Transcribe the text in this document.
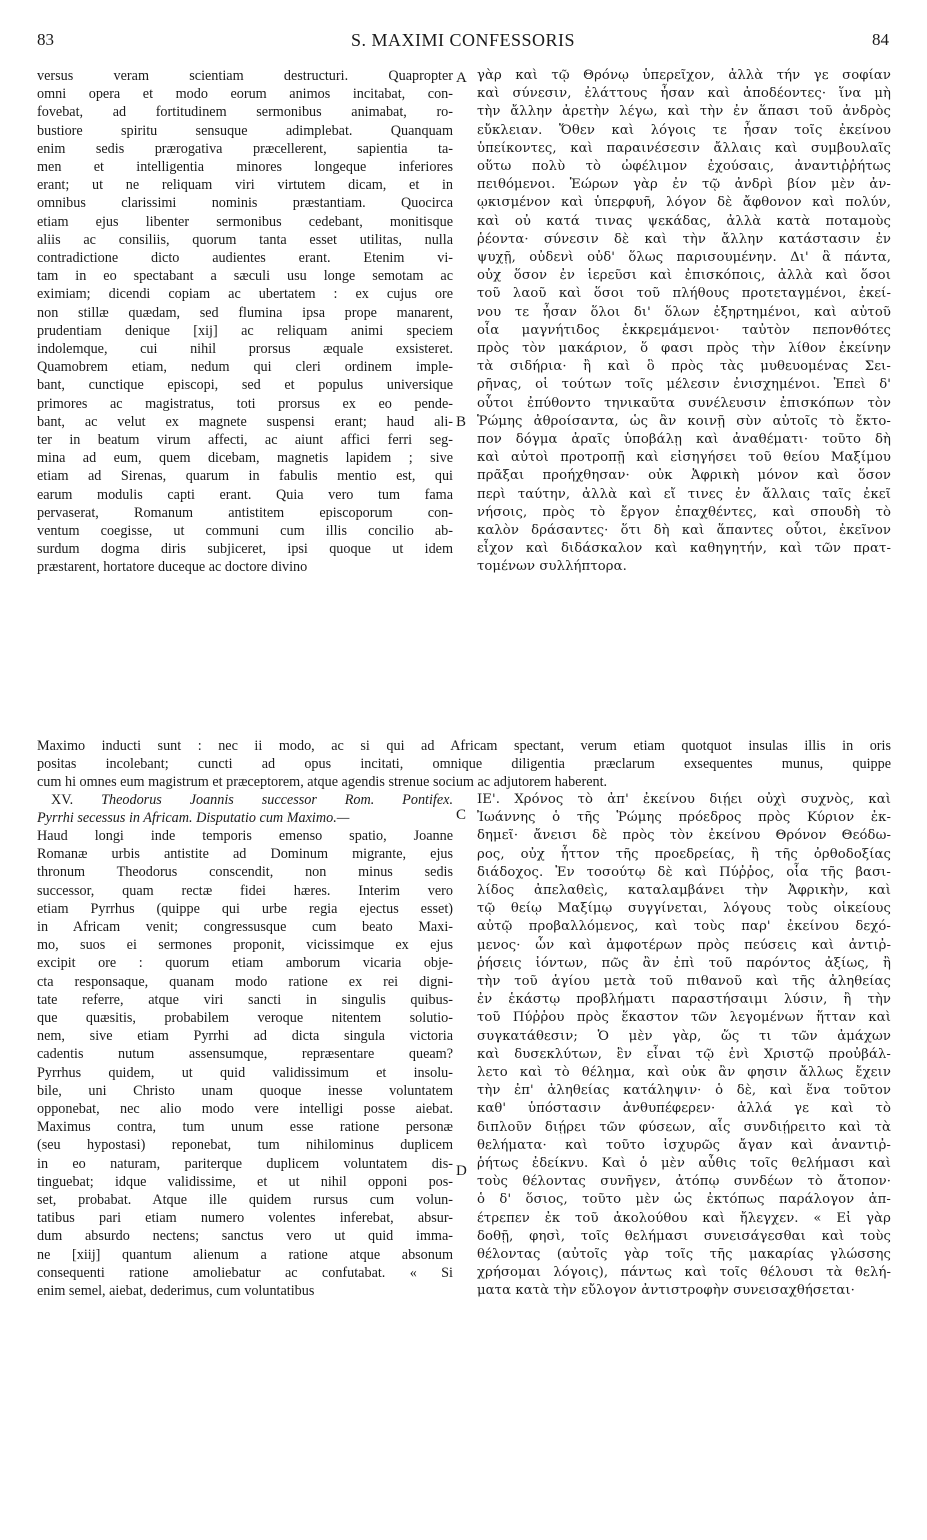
83	S. MAXIMI CONFESSORIS	84
A
B
C
D
versus veram scientiam destructuri. Quapropter
omni opera et modo eorum animos incitabat, con-
fovebat, ad fortitudinem sermonibus animabat, ro-
bustiore spiritu sensuque adimplebat. Quanquam
enim sedis prærogativa præcellerent, sapientia ta-
men et intelligentia minores longeque inferiores
erant; ut ne reliquam viri virtutem dicam, et in
omnibus clarissimi nominis præstantiam. Quocirca
etiam ejus libenter sermonibus cedebant, monitisque
aliis ac consiliis, quorum tanta esset utilitas, nulla
contradictione dicto audientes erant. Etenim vi-
tam in eo spectabant a sæculi usu longe semotam ac
eximiam; dicendi copiam ac ubertatem : ex cujus ore
non stillæ quædam, sed flumina ipsa prope manarent,
prudentiam denique [xij] ac reliquam animi speciem
indolemque, cui nihil prorsus æquale exsisteret.
Quamobrem etiam, nedum qui cleri ordinem imple-
bant, cunctique episcopi, sed et populus universique
primores ac magistratus, toti prorsus ex eo pende-
bant, ac velut ex magnete suspensi erant; haud ali-
ter in beatum virum affecti, ac aiunt affici ferri seg-
mina ad eum, quem dicebam, magnetis lapidem ; sive
etiam ad Sirenas, quarum in fabulis mentio est, qui
earum modulis capti erant. Quia vero tum fama
pervaserat, Romanum antistitem episcoporum con-
ventum coegisse, ut communi cum illis concilio ab-
surdum dogma diris subjiceret, ipsi quoque ut idem
præstarent, hortatore duceque ac doctore divino
γὰρ καὶ τῷ Θρόνῳ ὑπερεῖχον, ἀλλὰ τήν γε σοφίαν
καὶ σύνεσιν, ἐλάττους ἦσαν καὶ ἀποδέοντες· ἵνα μὴ
τὴν ἄλλην ἀρετὴν λέγω, καὶ τὴν ἐν ἅπασι τοῦ ἀνδρὸς
εὔκλειαν. Ὅθεν καὶ λόγοις τε ἦσαν τοῖς ἐκείνου
ὑπείκοντες, καὶ παραινέσεσιν ἄλλαις καὶ συμβουλαῖς
οὕτω πολὺ τὸ ὠφέλιμον ἐχούσαις, ἀναντιῤῥήτως
πειθόμενοι. Ἑώρων γὰρ ἐν τῷ ἀνδρὶ βίον μὲν ἀν-
ῳκισμένον καὶ ὑπερφυῆ, λόγον δὲ ἄφθονον καὶ πολύν,
καὶ οὐ κατά τινας ψεκάδας, ἀλλὰ κατὰ ποταμοὺς
ῥέοντα· σύνεσιν δὲ καὶ τὴν ἄλλην κατάστασιν ἐν
ψυχῇ, οὐδενὶ οὐδ' ὅλως παρισουμένην. Δι' ἃ πάντα,
οὐχ ὅσον ἐν ἱερεῦσι καὶ ἐπισκόποις, ἀλλὰ καὶ ὅσοι
τοῦ λαοῦ καὶ ὅσοι τοῦ πλήθους προτεταγμένοι, ἐκεί-
νου τε ἦσαν ὅλοι δι' ὅλων ἐξηρτημένοι, καὶ αὐτοῦ
οἷα μαγνήτιδος ἐκκρεμάμενοι· ταὐτὸν πεπονθότες
πρὸς τὸν μακάριον, ὅ φασι πρὸς τὴν λίθον ἐκείνην
τὰ σιδήρια· ἢ καὶ ὃ πρὸς τὰς μυθευομένας Σει-
ρῆνας, οἱ τούτων τοῖς μέλεσιν ἐνισχημένοι. Ἐπεὶ δ'
οὗτοι ἐπύθοντο τηνικαῦτα συνέλευσιν ἐπισκόπων τὸν
Ῥώμης ἀθροίσαντα, ὡς ἂν κοινῇ σὺν αὐτοῖς τὸ ἔκτο-
πον δόγμα ἀραῖς ὑποβάλῃ καὶ ἀναθέματι· τοῦτο δὴ
καὶ αὐτοὶ προτροπῇ καὶ εἰσηγήσει τοῦ θείου Μαξίμου
πρᾶξαι προήχθησαν· οὐκ Ἀφρικὴ μόνον καὶ ὅσον
περὶ ταύτην, ἀλλὰ καὶ εἴ τινες ἐν ἄλλαις ταῖς ἐκεῖ
νήσοις, πρὸς τὸ ἔργον ἐπαχθέντες, καὶ σπουδὴ τὸ
καλὸν δράσαντες· ὅτι δὴ καὶ ἅπαντες οὗτοι, ἐκεῖνον
εἶχον καὶ διδάσκαλον καὶ καθηγητήν, καὶ τῶν πρατ-
τομένων συλλήπτορα.
Maximo inducti sunt : nec ii modo, ac si qui ad Africam spectant, verum etiam quotquot insulas illis in oris
positas incolebant; cuncti ad opus incitati, omnique diligentia præclarum exsequentes munus, quippe
cum hi omnes eum magistrum et præceptorem, atque agendis strenue socium ac adjutorem haberent.
XV. Theodorus Joannis successor Rom. Pontifex.
Pyrrhi secessus in Africam. Disputatio cum Maximo.—
Haud longi inde temporis emenso spatio, Joanne
Romanæ urbis antistite ad Dominum migrante, ejus
thronum Theodorus conscendit, non minus sedis
successor, quam rectæ fidei hæres. Interim vero
etiam Pyrrhus (quippe qui urbe regia ejectus esset)
in Africam venit; congressusque cum beato Maxi-
mo, suos ei sermones proponit, vicissimque ex ejus
excipit ore : quorum etiam amborum vicaria obje-
cta responsaque, quanam modo ratione ex rei digni-
tate referre, atque viri sancti in singulis quibus-
que quæsitis, probabilem veroque nitentem solutio-
nem, sive etiam Pyrrhi ad dicta singula victoria
cadentis nutum assensumque, repræsentare queam?
Pyrrhus quidem, ut quid validissimum et insolu-
bile, uni Christo unam quoque inesse voluntatem
opponebat, nec alio modo vere intelligi posse aiebat.
Maximus contra, tum unum esse ratione personæ
(seu hypostasi) reponebat, tum nihilominus duplicem
in eo naturam, pariterque duplicem voluntatem dis-
tinguebat; idque validissime, et ut nihil opponi pos-
set, probabat. Atque ille quidem rursus cum volun-
tatibus pari etiam numero volentes inferebat, absur-
dum absurdo nectens; sanctus vero ut quid imma-
ne [xiij] quantum alienum a ratione atque absonum
consequenti ratione amoliebatur ac confutabat. « Si
enim semel, aiebat, dederimus, cum voluntatibus
ΙΕ'. Χρόνος τὸ ἀπ' ἐκείνου διῄει οὐχὶ συχνὸς, καὶ
Ἰωάννης ὁ τῆς Ῥώμης πρόεδρος πρὸς Κύριον ἐκ-
δημεῖ· ἄνεισι δὲ πρὸς τὸν ἐκείνου Θρόνον Θεόδω-
ρος, οὐχ ἧττον τῆς προεδρείας, ἢ τῆς ὀρθοδοξίας
διάδοχος. Ἐν τοσούτῳ δὲ καὶ Πύῤῥος, οἷα τῆς βασι-
λίδος ἀπελαθεὶς, καταλαμβάνει τὴν Ἀφρικὴν, καὶ
τῷ θείῳ Μαξίμῳ συγγίνεται, λόγους τοὺς οἰκείους
αὐτῷ προβαλλόμενος, καὶ τοὺς παρ' ἐκείνου δεχό-
μενος· ὧν καὶ ἀμφοτέρων πρὸς πεύσεις καὶ ἀντιῤ-
ῥήσεις ἰόντων, πῶς ἂν ἐπὶ τοῦ παρόντος ἀξίως, ἢ
τὴν τοῦ ἁγίου μετὰ τοῦ πιθανοῦ καὶ τῆς ἀληθείας
ἐν ἑκάστῳ προβλήματι παραστήσαιμι λύσιν, ἢ τὴν
τοῦ Πύῤῥου πρὸς ἕκαστον τῶν λεγομένων ἥτταν καὶ
συγκατάθεσιν; Ὁ μὲν γὰρ, ὥς τι τῶν ἀμάχων
καὶ δυσεκλύτων, ἓν εἶναι τῷ ἑνὶ Χριστῷ προὐβάλ-
λετο καὶ τὸ θέλημα, καὶ οὐκ ἂν φησιν ἄλλως ἔχειν
τὴν ἐπ' ἀληθείας κατάληψιν· ὁ δὲ, καὶ ἕνα τοῦτον
καθ' ὑπόστασιν ἀνθυπέφερεν· ἀλλά γε καὶ τὸ
διπλοῦν διῄρει τῶν φύσεων, αἷς συνδιῄρειτο καὶ τὰ
θελήματα· καὶ τοῦτο ἰσχυρῶς ἄγαν καὶ ἀναντιῤ-
ῥήτως ἐδείκνυ. Καὶ ὁ μὲν αὖθις τοῖς θελήμασι καὶ
τοὺς θέλοντας συνῆγεν, ἀτόπῳ συνδέων τὸ ἄτοπον·
ὁ δ' ὅσιος, τοῦτο μὲν ὡς ἐκτόπως παράλογον ἀπ-
έτρεπεν ἐκ τοῦ ἀκολούθου καὶ ἤλεγχεν. « Εἰ γὰρ
δοθῇ, φησὶ, τοῖς θελήμασι συνεισάγεσθαι καὶ τοὺς
θέλοντας (αὐτοῖς γὰρ τοῖς τῆς μακαρίας γλώσσης
χρήσομαι λόγοις), πάντως καὶ τοῖς θέλουσι τὰ θελή-
ματα κατὰ τὴν εὔλογον ἀντιστροφὴν συνεισαχθήσεται·
